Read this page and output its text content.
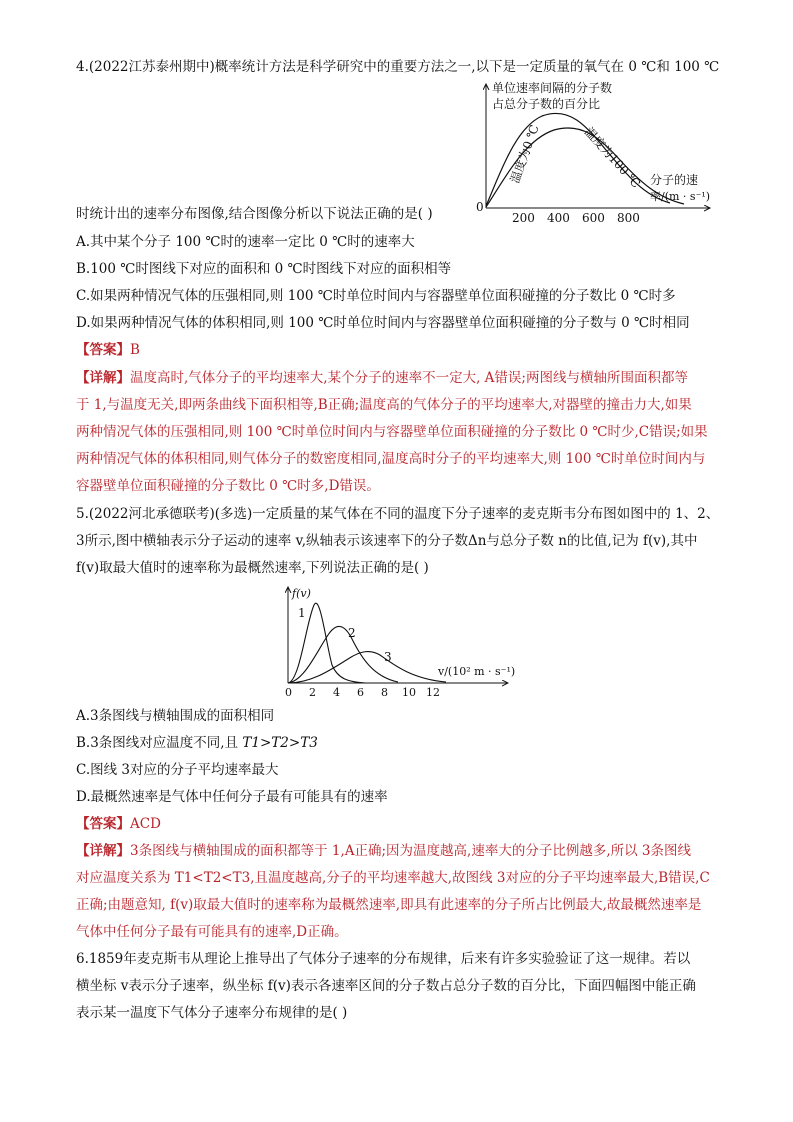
4.(2022江苏泰州期中)概率统计方法是科学研究中的重要方法之一,以下是一定质量的氧气在 0 ℃和 100 ℃
单位速率间隔的分子数
占总分子数的百分比
温度为0 ℃	温度为100 ℃ 分子的速
率/(m · s⁻¹)
0
200 400 600 800
时统计出的速率分布图像,结合图像分析以下说法正确的是( )
A.其中某个分子 100 ℃时的速率一定比 0 ℃时的速率大
B.100 ℃时图线下对应的面积和 0 ℃时图线下对应的面积相等
C.如果两种情况气体的压强相同,则 100 ℃时单位时间内与容器壁单位面积碰撞的分子数比 0 ℃时多
D.如果两种情况气体的体积相同,则 100 ℃时单位时间内与容器壁单位面积碰撞的分子数与 0 ℃时相同
【答案】B
【详解】温度高时,气体分子的平均速率大,某个分子的速率不一定大, A错误;两图线与横轴所围面积都等
于 1,与温度无关,即两条曲线下面积相等,B正确;温度高的气体分子的平均速率大,对器壁的撞击力大,如果
两种情况气体的压强相同,则 100 ℃时单位时间内与容器壁单位面积碰撞的分子数比 0 ℃时少,C错误;如果
两种情况气体的体积相同,则气体分子的数密度相同,温度高时分子的平均速率大,则 100 ℃时单位时间内与
容器壁单位面积碰撞的分子数比 0 ℃时多,D错误。
5.(2022河北承德联考)(多选)一定质量的某气体在不同的温度下分子速率的麦克斯韦分布图如图中的 1、2、
3所示,图中横轴表示分子运动的速率 v,纵轴表示该速率下的分子数Δn与总分子数 n的比值,记为 f(v),其中
f(v)取最大值时的速率称为最概然速率,下列说法正确的是( )
f(v)
v/(10² m · s⁻¹)
1
2
3
0 2 4 6 8 10 12
A.3条图线与横轴围成的面积相同
B.3条图线对应温度不同,且 T1>T2>T3
C.图线 3对应的分子平均速率最大
D.最概然速率是气体中任何分子最有可能具有的速率
【答案】ACD
【详解】3条图线与横轴围成的面积都等于 1,A正确;因为温度越高,速率大的分子比例越多,所以 3条图线
对应温度关系为 T1<T2<T3,且温度越高,分子的平均速率越大,故图线 3对应的分子平均速率最大,B错误,C
正确;由题意知, f(v)取最大值时的速率称为最概然速率,即具有此速率的分子所占比例最大,故最概然速率是
气体中任何分子最有可能具有的速率,D正确。
6.1859年麦克斯韦从理论上推导出了气体分子速率的分布规律，后来有许多实验验证了这一规律。若以
横坐标 v表示分子速率，纵坐标 f(v)表示各速率区间的分子数占总分子数的百分比，下面四幅图中能正确
表示某一温度下气体分子速率分布规律的是( )
